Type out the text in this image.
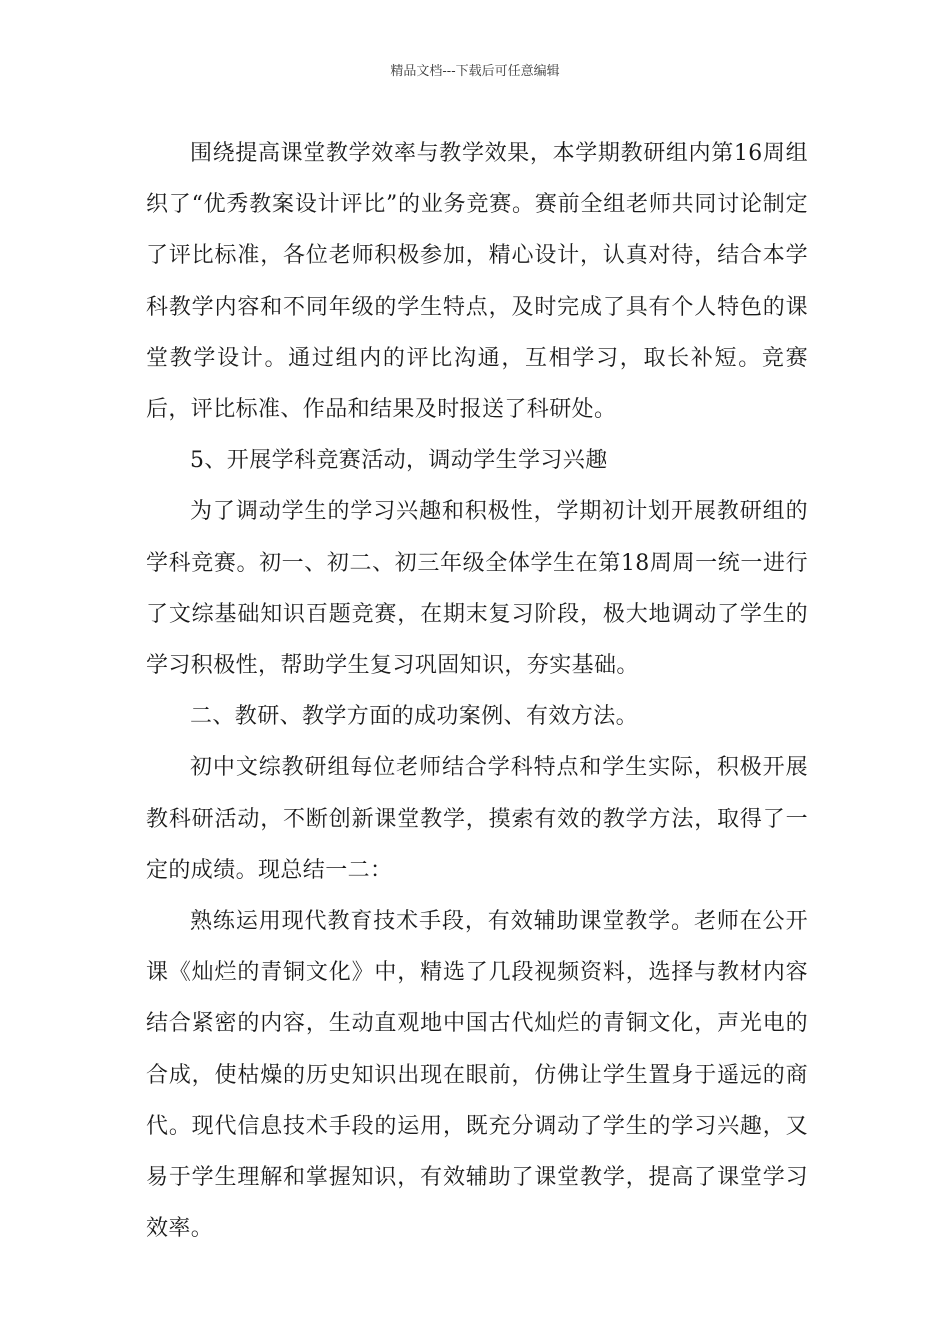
精品文档---下载后可任意编辑

围绕提高课堂教学效率与教学效果，本学期教研组内第16周组织了“优秀教案设计评比”的业务竞赛。赛前全组老师共同讨论制定了评比标准，各位老师积极参加，精心设计，认真对待，结合本学科教学内容和不同年级的学生特点，及时完成了具有个人特色的课堂教学设计。通过组内的评比沟通，互相学习，取长补短。竞赛后，评比标准、作品和结果及时报送了科研处。

5、开展学科竞赛活动，调动学生学习兴趣

为了调动学生的学习兴趣和积极性，学期初计划开展教研组的学科竞赛。初一、初二、初三年级全体学生在第18周周一统一进行了文综基础知识百题竞赛，在期末复习阶段，极大地调动了学生的学习积极性，帮助学生复习巩固知识，夯实基础。

二、教研、教学方面的成功案例、有效方法。

初中文综教研组每位老师结合学科特点和学生实际，积极开展教科研活动，不断创新课堂教学，摸索有效的教学方法，取得了一定的成绩。现总结一二：

熟练运用现代教育技术手段，有效辅助课堂教学。老师在公开课《灿烂的青铜文化》中，精选了几段视频资料，选择与教材内容结合紧密的内容，生动直观地中国古代灿烂的青铜文化，声光电的合成，使枯燥的历史知识出现在眼前，仿佛让学生置身于遥远的商代。现代信息技术手段的运用，既充分调动了学生的学习兴趣，又易于学生理解和掌握知识，有效辅助了课堂教学，提高了课堂学习效率。
